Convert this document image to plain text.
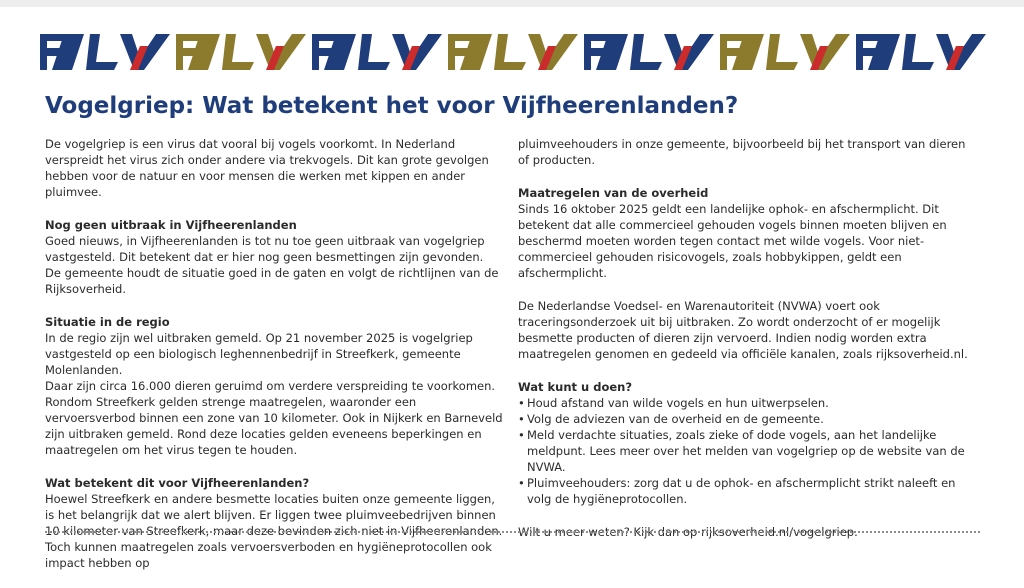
Vogelgriep: Wat betekent het voor Vijfheerenlanden?

De vogelgriep is een virus dat vooral bij vogels voorkomt. In Nederland verspreidt het virus zich onder andere via trekvogels. Dit kan grote gevolgen hebben voor de natuur en voor mensen die werken met kippen en ander pluimvee.

Nog geen uitbraak in Vijfheerenlanden

Goed nieuws, in Vijfheerenlanden is tot nu toe geen uitbraak van vogelgriep vastgesteld. Dit betekent dat er hier nog geen besmettingen zijn gevonden.
De gemeente houdt de situatie goed in de gaten en volgt de richtlijnen van de Rijksoverheid.

Situatie in de regio

In de regio zijn wel uitbraken gemeld. Op 21 november 2025 is vogelgriep vastgesteld op een biologisch leghennenbedrijf in Streefkerk, gemeente Molenlanden.
Daar zijn circa 16.000 dieren geruimd om verdere verspreiding te voorkomen. Rondom Streefkerk gelden strenge maatregelen, waaronder een vervoersverbod binnen een zone van 10 kilometer. Ook in Nijkerk en Barneveld zijn uitbraken gemeld. Rond deze locaties gelden eveneens beperkingen en maatregelen om het virus tegen te houden.

Wat betekent dit voor Vijfheerenlanden?

Hoewel Streefkerk en andere besmette locaties buiten onze gemeente liggen, is het belangrijk dat we alert blijven. Er liggen twee pluimveebedrijven binnen 10 kilometer van Streefkerk, maar deze bevinden zich niet in Vijfheerenlanden. Toch kunnen maatregelen zoals vervoersverboden en hygiëneprotocollen ook impact hebben op

pluimveehouders in onze gemeente, bijvoorbeeld bij het transport van dieren of producten.

Maatregelen van de overheid

Sinds 16 oktober 2025 geldt een landelijke ophok- en afschermplicht. Dit betekent dat alle commercieel gehouden vogels binnen moeten blijven en beschermd moeten worden tegen contact met wilde vogels. Voor niet-commercieel gehouden risicovogels, zoals hobbykippen, geldt een afschermplicht.

De Nederlandse Voedsel- en Warenautoriteit (NVWA) voert ook traceringsonderzoek uit bij uitbraken. Zo wordt onderzocht of er mogelijk besmette producten of dieren zijn vervoerd. Indien nodig worden extra maatregelen genomen en gedeeld via officiële kanalen, zoals rijksoverheid.nl.

Wat kunt u doen?
• Houd afstand van wilde vogels en hun uitwerpselen.
• Volg de adviezen van de overheid en de gemeente.
• Meld verdachte situaties, zoals zieke of dode vogels, aan het landelijke meldpunt. Lees meer over het melden van vogelgriep op de website van de NVWA.
• Pluimveehouders: zorg dat u de ophok- en afschermplicht strikt naleeft en volg de hygiëneprotocollen.

Wilt u meer weten? Kijk dan op rijksoverheid.nl/vogelgriep.
